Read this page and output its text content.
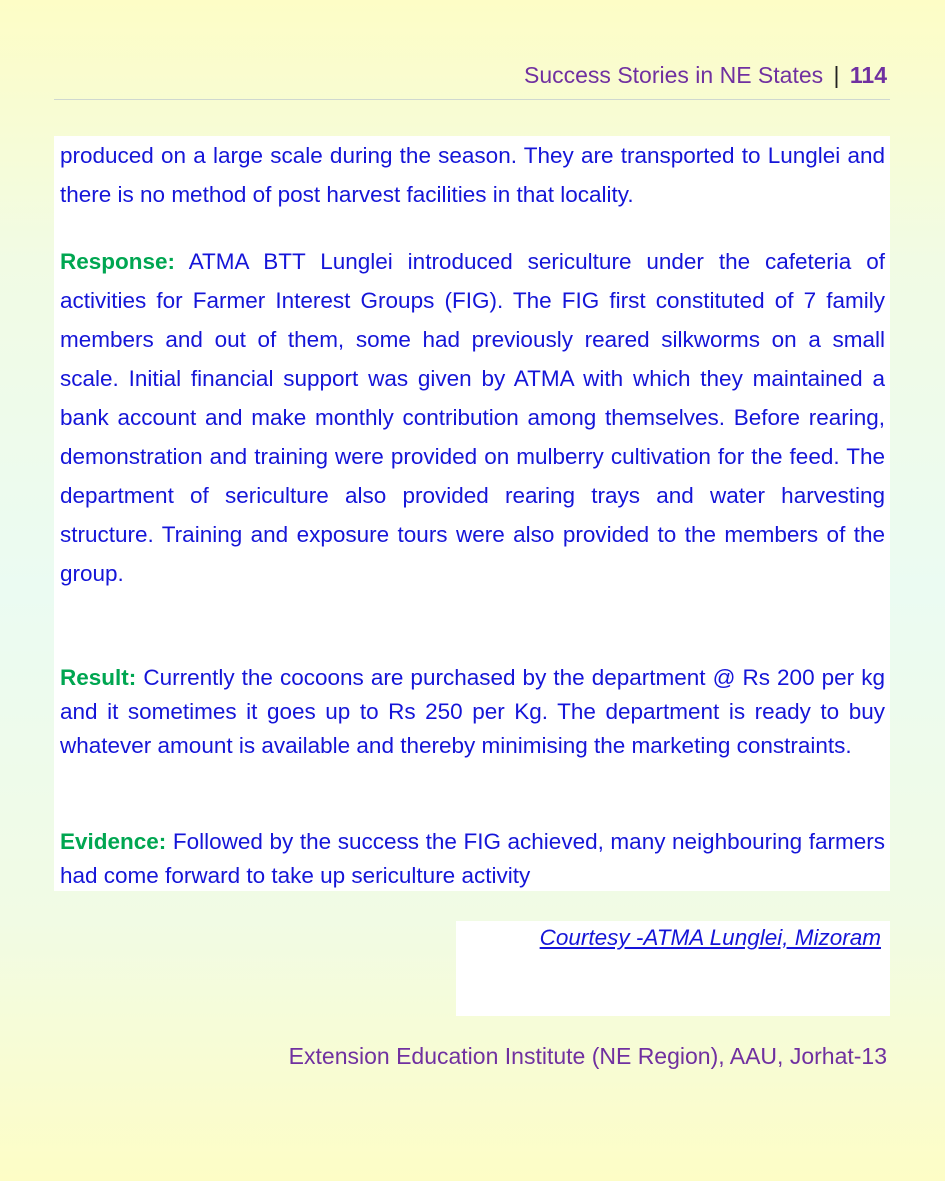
Success Stories in NE States | 114

produced on a large scale during the season. They are transported to Lunglei and there is no method of post harvest facilities in that locality.

Response: ATMA BTT Lunglei introduced sericulture under the cafeteria of activities for Farmer Interest Groups (FIG). The FIG first constituted of 7 family members and out of them, some had previously reared silkworms on a small scale. Initial financial support was given by ATMA with which they maintained a bank account and make monthly contribution among themselves. Before rearing, demonstration and training were provided on mulberry cultivation for the feed. The department of sericulture also provided rearing trays and water harvesting structure. Training and exposure tours were also provided to the members of the group.

Result: Currently the cocoons are purchased by the department @ Rs 200 per kg and it sometimes it goes up to Rs 250 per Kg. The department is ready to buy whatever amount is available and thereby minimising the marketing constraints.

Evidence: Followed by the success the FIG achieved, many neighbouring farmers had come forward to take up sericulture activity

Courtesy -ATMA Lunglei, Mizoram
Extension Education Institute (NE Region), AAU, Jorhat-13
